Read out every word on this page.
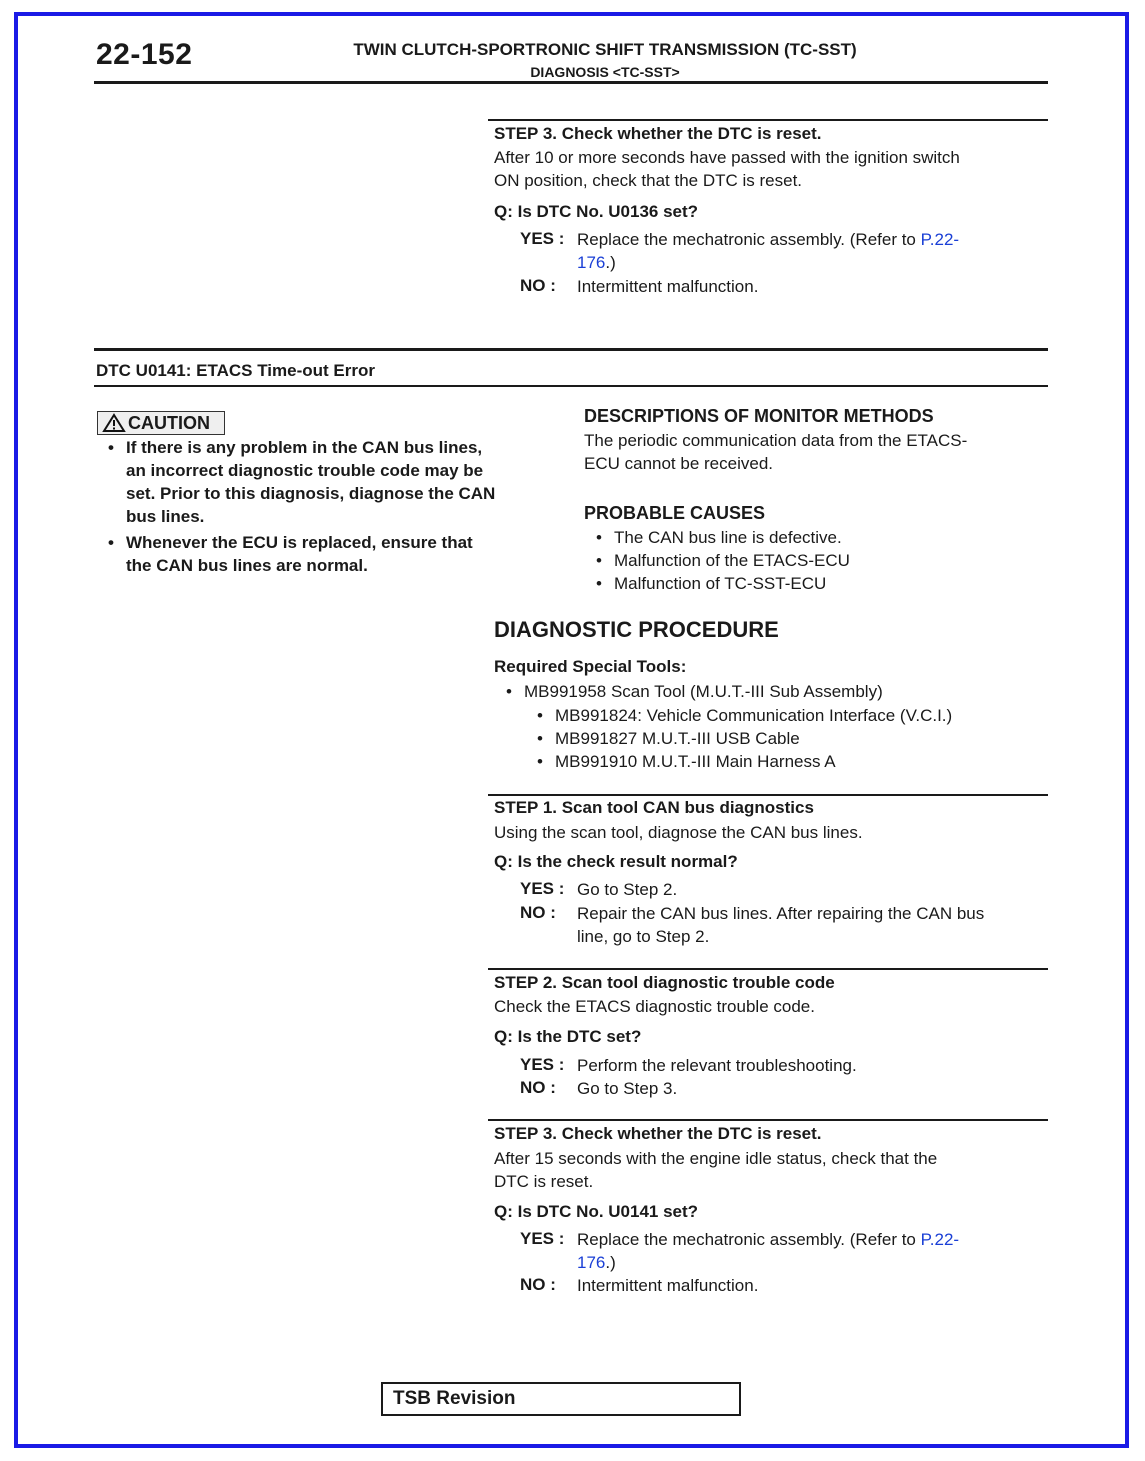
22-152	TWIN CLUTCH-SPORTRONIC SHIFT TRANSMISSION (TC-SST)
DIAGNOSIS <TC-SST>
STEP 3. Check whether the DTC is reset.
After 10 or more seconds have passed with the ignition switch
ON position, check that the DTC is reset.
Q: Is DTC No. U0136 set?
YES : Replace the mechatronic assembly. (Refer to P.22-
176.)
NO : Intermittent malfunction.
DTC U0141: ETACS Time-out Error
CAUTION
• If there is any problem in the CAN bus lines,
an incorrect diagnostic trouble code may be
set. Prior to this diagnosis, diagnose the CAN
bus lines.
• Whenever the ECU is replaced, ensure that
the CAN bus lines are normal.
DESCRIPTIONS OF MONITOR METHODS
The periodic communication data from the ETACS-
ECU cannot be received.
PROBABLE CAUSES
• The CAN bus line is defective.
• Malfunction of the ETACS-ECU
• Malfunction of TC-SST-ECU
DIAGNOSTIC PROCEDURE
Required Special Tools:
• MB991958 Scan Tool (M.U.T.-III Sub Assembly)
• MB991824: Vehicle Communication Interface (V.C.I.)
• MB991827 M.U.T.-III USB Cable
• MB991910 M.U.T.-III Main Harness A
STEP 1. Scan tool CAN bus diagnostics
Using the scan tool, diagnose the CAN bus lines.
Q: Is the check result normal?
YES : Go to Step 2.
NO : Repair the CAN bus lines. After repairing the CAN bus
line, go to Step 2.
STEP 2. Scan tool diagnostic trouble code
Check the ETACS diagnostic trouble code.
Q: Is the DTC set?
YES : Perform the relevant troubleshooting.
NO : Go to Step 3.
STEP 3. Check whether the DTC is reset.
After 15 seconds with the engine idle status, check that the
DTC is reset.
Q: Is DTC No. U0141 set?
YES : Replace the mechatronic assembly. (Refer to P.22-
176.)
NO : Intermittent malfunction.
TSB Revision
